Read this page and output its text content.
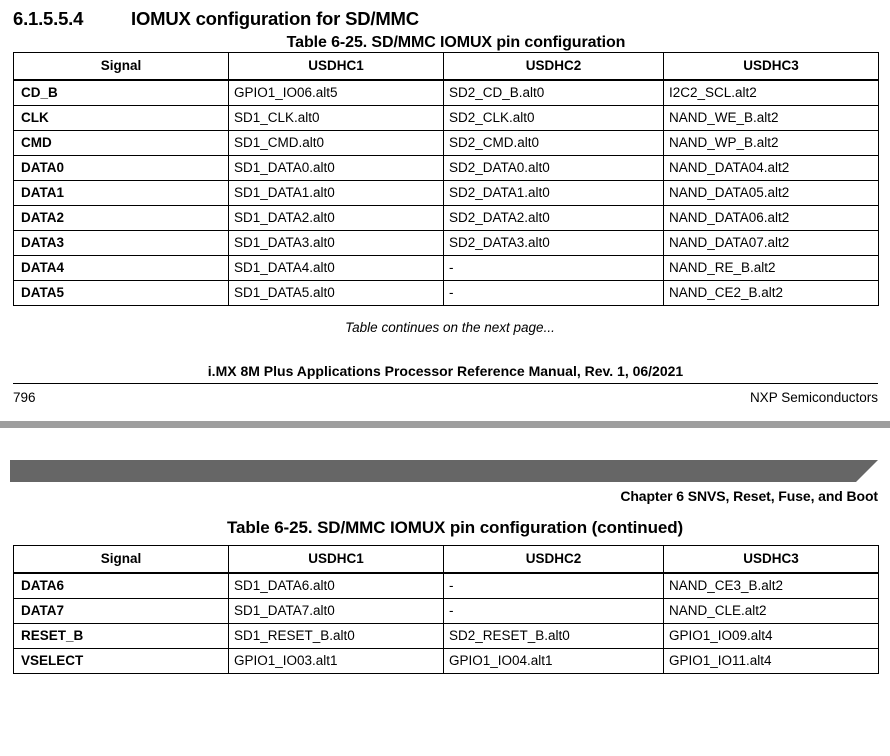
6.1.5.5.4	IOMUX configuration for SD/MMC
Table 6-25. SD/MMC IOMUX pin configuration
Signal	USDHC1	USDHC2	USDHC3
CD_B	GPIO1_IO06.alt5	SD2_CD_B.alt0	I2C2_SCL.alt2
CLK	SD1_CLK.alt0	SD2_CLK.alt0	NAND_WE_B.alt2
CMD	SD1_CMD.alt0	SD2_CMD.alt0	NAND_WP_B.alt2
DATA0	SD1_DATA0.alt0	SD2_DATA0.alt0	NAND_DATA04.alt2
DATA1	SD1_DATA1.alt0	SD2_DATA1.alt0	NAND_DATA05.alt2
DATA2	SD1_DATA2.alt0	SD2_DATA2.alt0	NAND_DATA06.alt2
DATA3	SD1_DATA3.alt0	SD2_DATA3.alt0	NAND_DATA07.alt2
DATA4	SD1_DATA4.alt0	-	NAND_RE_B.alt2
DATA5	SD1_DATA5.alt0	-	NAND_CE2_B.alt2
Table continues on the next page...
i.MX 8M Plus Applications Processor Reference Manual, Rev. 1, 06/2021
796	NXP Semiconductors
Chapter 6 SNVS, Reset, Fuse, and Boot
Table 6-25. SD/MMC IOMUX pin configuration (continued)
Signal	USDHC1	USDHC2	USDHC3
DATA6	SD1_DATA6.alt0	-	NAND_CE3_B.alt2
DATA7	SD1_DATA7.alt0	-	NAND_CLE.alt2
RESET_B	SD1_RESET_B.alt0	SD2_RESET_B.alt0	GPIO1_IO09.alt4
VSELECT	GPIO1_IO03.alt1	GPIO1_IO04.alt1	GPIO1_IO11.alt4
